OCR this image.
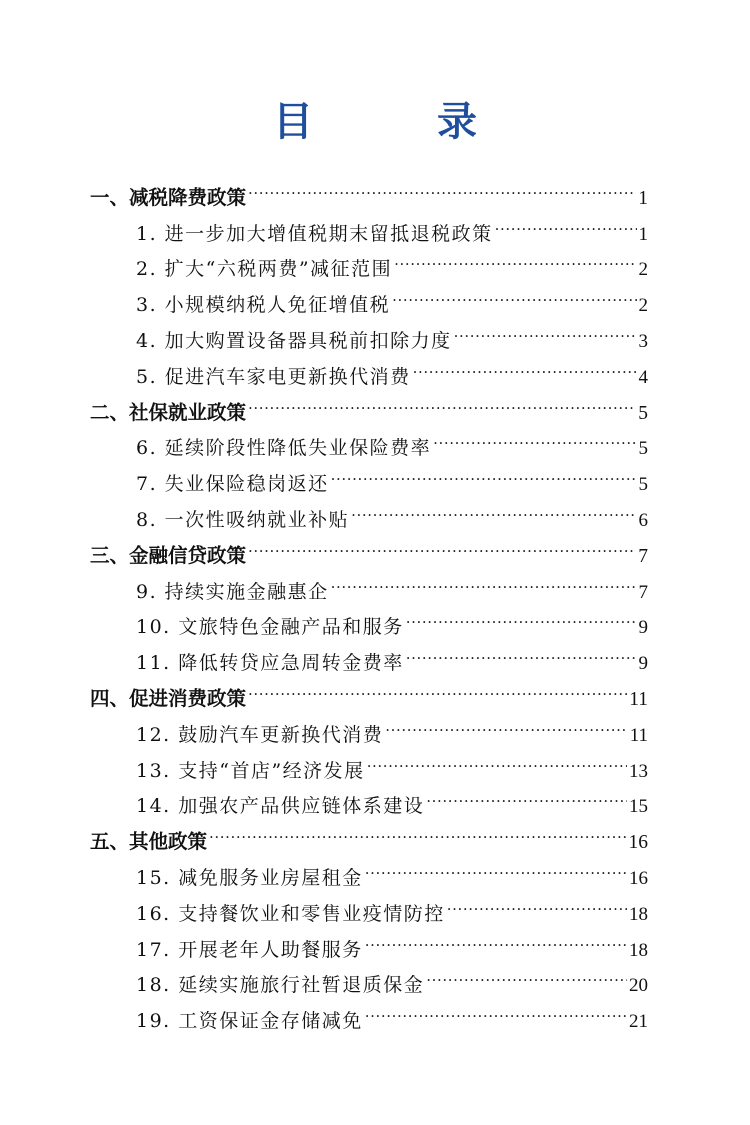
目　录
一、减税降费政策 .....	1
1. 进一步加大增值税期末留抵退税政策 .....	1
2. 扩大“六税两费”减征范围 .....	2
3. 小规模纳税人免征增值税 .....	2
4. 加大购置设备器具税前扣除力度 .....	3
5. 促进汽车家电更新换代消费 .....	4
二、社保就业政策 .....	5
6. 延续阶段性降低失业保险费率 .....	5
7. 失业保险稳岗返还 .....	5
8. 一次性吸纳就业补贴 .....	6
三、金融信贷政策 .....	7
9. 持续实施金融惠企 .....	7
10. 文旅特色金融产品和服务 .....	9
11. 降低转贷应急周转金费率 .....	9
四、促进消费政策 .....	11
12. 鼓励汽车更新换代消费 .....	11
13. 支持“首店”经济发展 .....	13
14. 加强农产品供应链体系建设 .....	15
五、其他政策 .....	16
15. 减免服务业房屋租金 .....	16
16. 支持餐饮业和零售业疫情防控 .....	18
17. 开展老年人助餐服务 .....	18
18. 延续实施旅行社暂退质保金 .....	20
19. 工资保证金存储减免 .....	21
